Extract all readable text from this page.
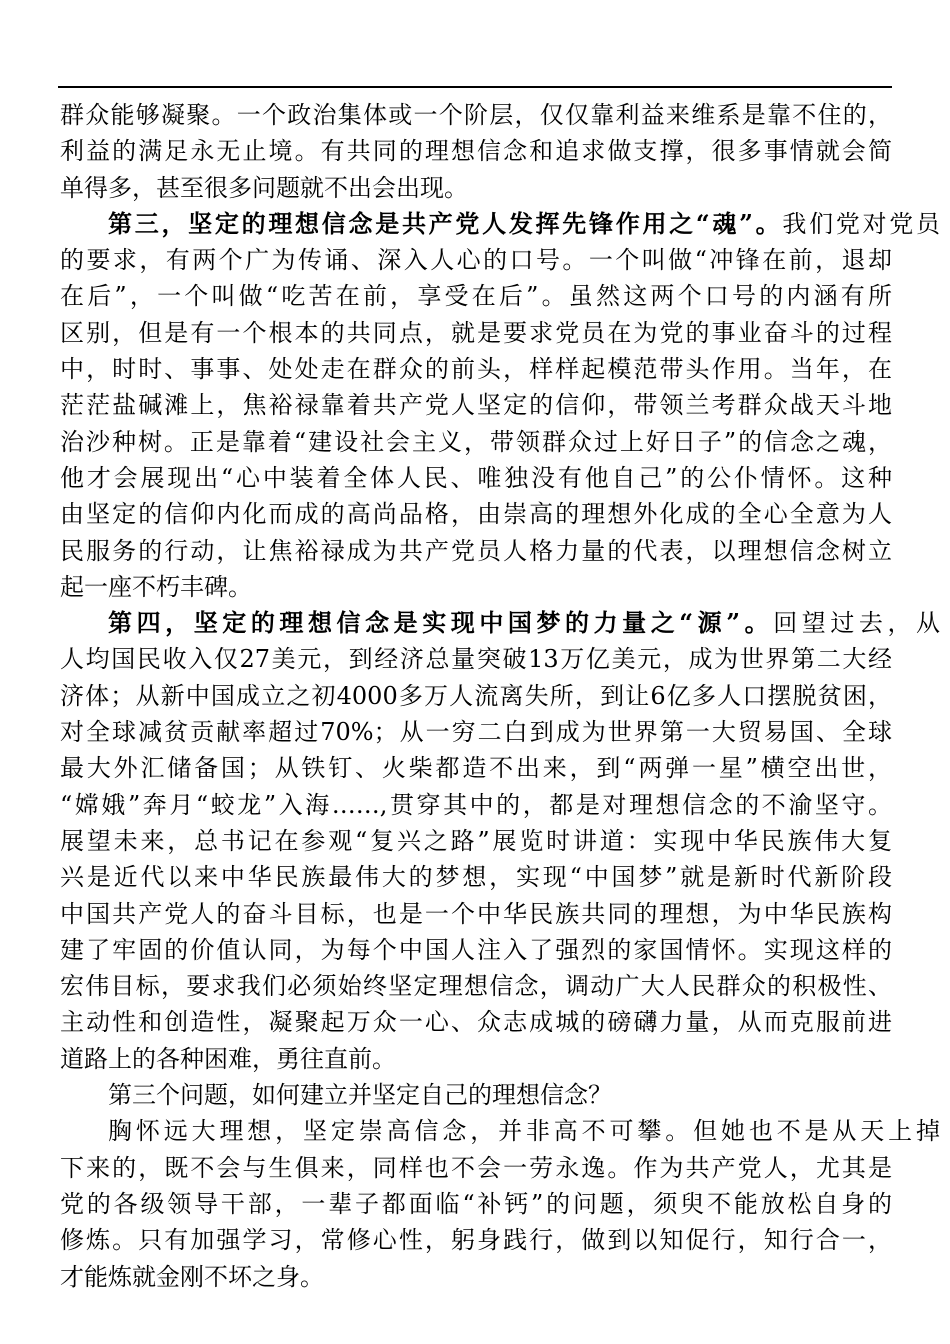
群众能够凝聚。一个政治集体或一个阶层，仅仅靠利益来维系是靠不住的，
利益的满足永无止境。有共同的理想信念和追求做支撑，很多事情就会简
单得多，甚至很多问题就不出会出现。
第三，坚定的理想信念是共产党人发挥先锋作用之“魂”。我们党对党员
的要求，有两个广为传诵、深入人心的口号。一个叫做“冲锋在前，退却
在后”，一个叫做“吃苦在前，享受在后”。虽然这两个口号的内涵有所
区别，但是有一个根本的共同点，就是要求党员在为党的事业奋斗的过程
中，时时、事事、处处走在群众的前头，样样起模范带头作用。当年，在
茫茫盐碱滩上，焦裕禄靠着共产党人坚定的信仰，带领兰考群众战天斗地
治沙种树。正是靠着“建设社会主义，带领群众过上好日子”的信念之魂，
他才会展现出“心中装着全体人民、唯独没有他自己”的公仆情怀。这种
由坚定的信仰内化而成的高尚品格，由崇高的理想外化成的全心全意为人
民服务的行动，让焦裕禄成为共产党员人格力量的代表，以理想信念树立
起一座不朽丰碑。
第四，坚定的理想信念是实现中国梦的力量之“源”。回望过去，从
人均国民收入仅27美元，到经济总量突破13万亿美元，成为世界第二大经
济体；从新中国成立之初4000多万人流离失所，到让6亿多人口摆脱贫困，
对全球减贫贡献率超过70%；从一穷二白到成为世界第一大贸易国、全球
最大外汇储备国；从铁钉、火柴都造不出来，到“两弹一星”横空出世，
“嫦娥”奔月“蛟龙”入海……,贯穿其中的，都是对理想信念的不渝坚守。
展望未来，总书记在参观“复兴之路”展览时讲道：实现中华民族伟大复
兴是近代以来中华民族最伟大的梦想，实现“中国梦”就是新时代新阶段
中国共产党人的奋斗目标，也是一个中华民族共同的理想，为中华民族构
建了牢固的价值认同，为每个中国人注入了强烈的家国情怀。实现这样的
宏伟目标，要求我们必须始终坚定理想信念，调动广大人民群众的积极性、
主动性和创造性，凝聚起万众一心、众志成城的磅礴力量，从而克服前进
道路上的各种困难，勇往直前。
第三个问题，如何建立并坚定自己的理想信念？
胸怀远大理想，坚定崇高信念，并非高不可攀。但她也不是从天上掉
下来的，既不会与生俱来，同样也不会一劳永逸。作为共产党人，尤其是
党的各级领导干部，一辈子都面临“补钙”的问题，须臾不能放松自身的
修炼。只有加强学习，常修心性，躬身践行，做到以知促行，知行合一，
才能炼就金刚不坏之身。
